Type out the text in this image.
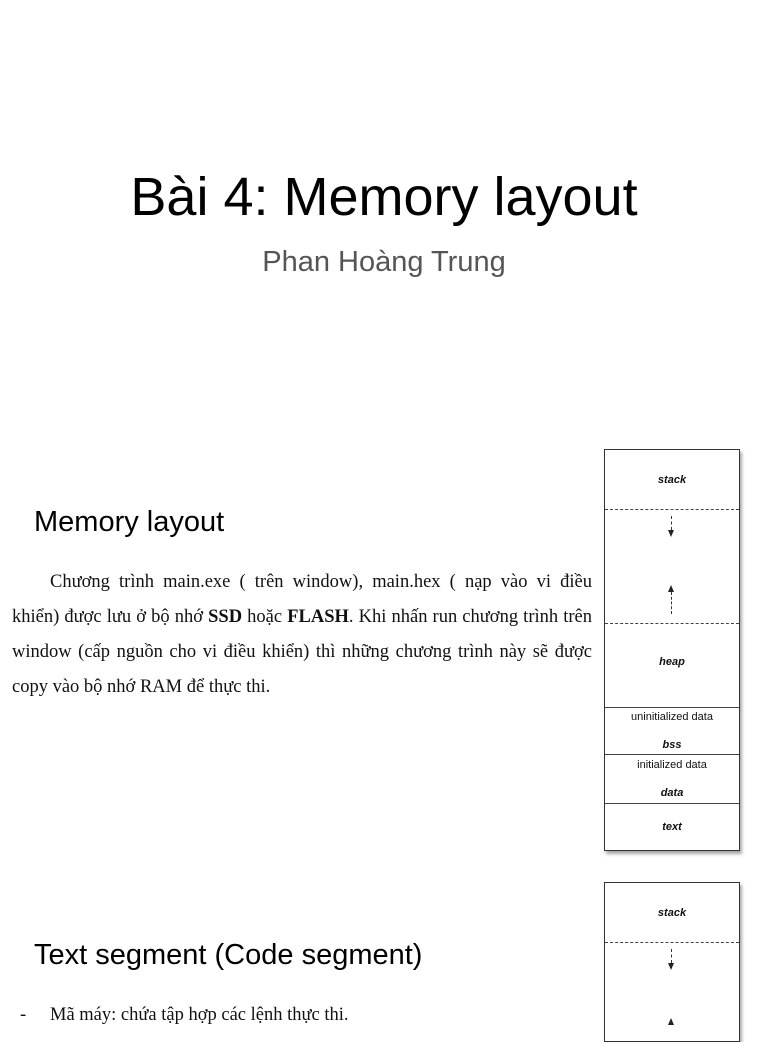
Bài 4: Memory layout
Phan Hoàng Trung
Memory layout
Chương trình main.exe ( trên window), main.hex ( nạp vào vi điều khiển) được lưu ở bộ nhớ SSD hoặc FLASH. Khi nhấn run chương trình trên window (cấp nguồn cho vi điều khiển) thì những chương trình này sẽ được copy vào bộ nhớ RAM để thực thi.
stack
heap
uninitialized data
bss
initialized data
data
text
Text segment (Code segment)
- Mã máy: chứa tập hợp các lệnh thực thi.
stack
